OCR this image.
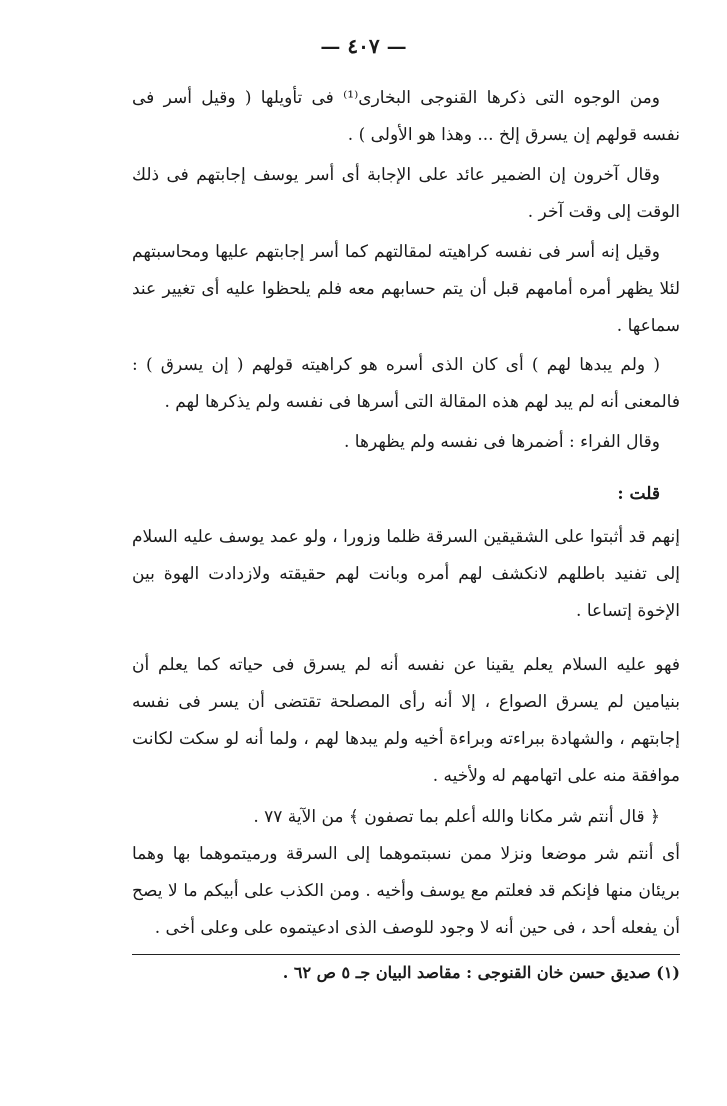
— ٤٠٧ —
ومن الوجوه التى ذكرها القنوجى البخارى⁽¹⁾ فى تأويلها ( وقيل أسر فى نفسه قولهم إن يسرق إلخ ... وهذا هو الأولى ) .
وقال آخرون إن الضمير عائد على الإجابة أى أسر يوسف إجابتهم فى ذلك الوقت إلى وقت آخر .
وقيل إنه أسر فى نفسه كراهيته لمقالتهم كما أسر إجابتهم عليها ومحاسبتهم لئلا يظهر أمره أمامهم قبل أن يتم حسابهم معه فلم يلحظوا عليه أى تغيير عند سماعها .
( ولم يبدها لهم ) أى كان الذى أسره هو كراهيته قولهم ( إن يسرق ) : فالمعنى أنه لم يبد لهم هذه المقالة التى أسرها فى نفسه ولم يذكرها لهم .
وقال الفراء : أضمرها فى نفسه ولم يظهرها .
قلت :
إنهم قد أثبتوا على الشقيقين السرقة ظلما وزورا ، ولو عمد يوسف عليه السلام إلى تفنيد باطلهم لانكشف لهم أمره وبانت لهم حقيقته ولازدادت الهوة بين الإخوة إتساعا .
فهو عليه السلام يعلم يقينا عن نفسه أنه لم يسرق فى حياته كما يعلم أن بنيامين لم يسرق الصواع ، إلا أنه رأى المصلحة تقتضى أن يسر فى نفسه إجابتهم ، والشهادة ببراءته وبراءة أخيه ولم يبدها لهم ، ولما أنه لو سكت لكانت موافقة منه على اتهامهم له ولأخيه .
﴿ قال أنتم شر مكانا والله أعلم بما تصفون ﴾ من الآية ٧٧ .
أى أنتم شر موضعا ونزلا ممن نسبتموهما إلى السرقة ورميتموهما بها وهما بريئان منها فإنكم قد فعلتم مع يوسف وأخيه . ومن الكذب على أبيكم ما لا يصح أن يفعله أحد ، فى حين أنه لا وجود للوصف الذى ادعيتموه على وعلى أخى .
(١) صديق حسن خان القنوجى : مقاصد البيان جـ ٥ ص ٦٢ .
